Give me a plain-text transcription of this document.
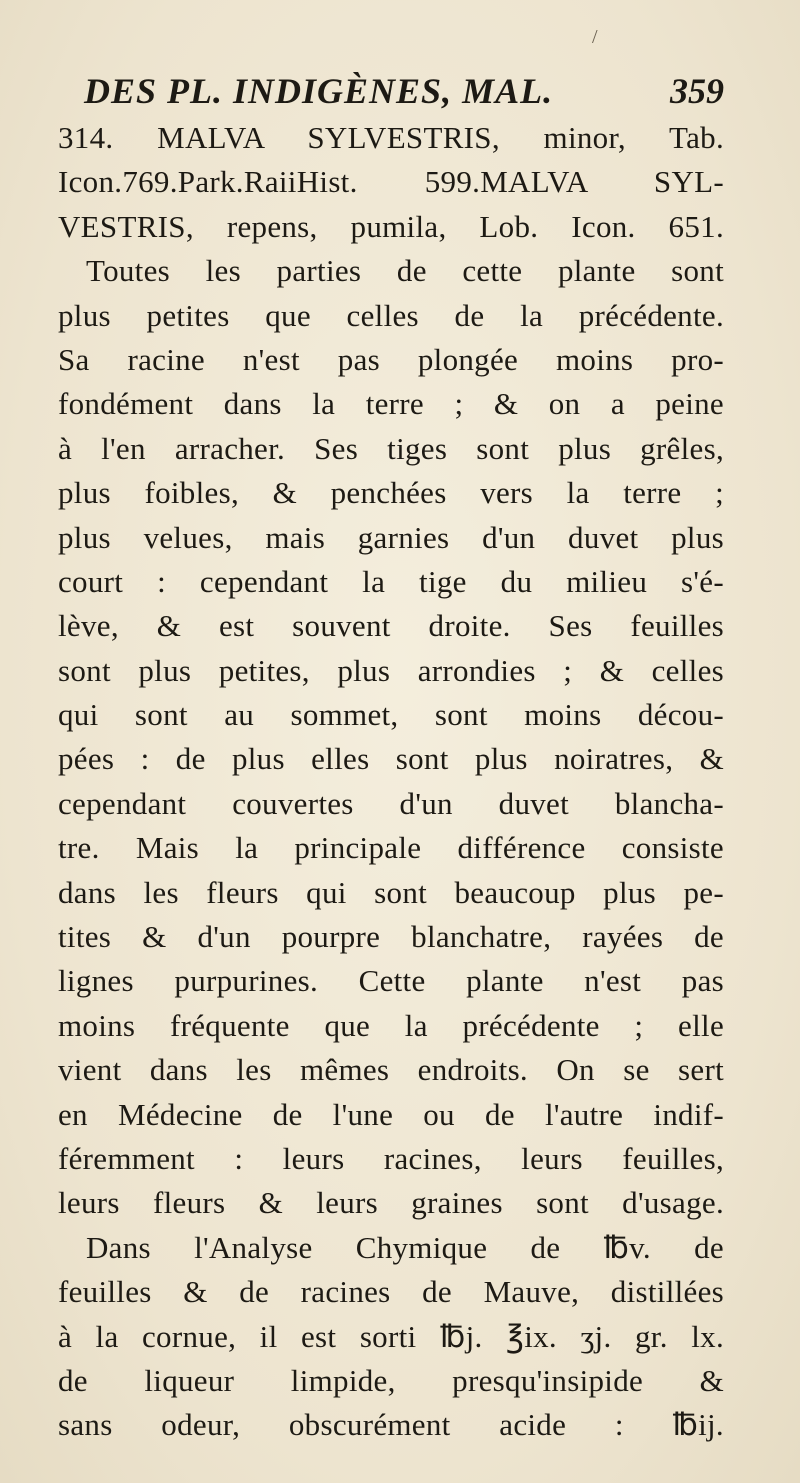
/
DES PL. INDIGÈNES, MAL.	359
314. MALVA SYLVESTRIS, minor, Tab.
Icon.769.Park.RaiiHist. 599.MALVA SYL-
VESTRIS, repens, pumila, Lob. Icon. 651.
Toutes les parties de cette plante sont
plus petites que celles de la précédente.
Sa racine n'est pas plongée moins pro-
fondément dans la terre ; & on a peine
à l'en arracher. Ses tiges sont plus grêles,
plus foibles, & penchées vers la terre ;
plus velues, mais garnies d'un duvet plus
court : cependant la tige du milieu s'é-
lève, & est souvent droite. Ses feuilles
sont plus petites, plus arrondies ; & celles
qui sont au sommet, sont moins décou-
pées : de plus elles sont plus noiratres, &
cependant couvertes d'un duvet blancha-
tre. Mais la principale différence consiste
dans les fleurs qui sont beaucoup plus pe-
tites & d'un pourpre blanchatre, rayées de
lignes purpurines. Cette plante n'est pas
moins fréquente que la précédente ; elle
vient dans les mêmes endroits. On se sert
en Médecine de l'une ou de l'autre indif-
féremment : leurs racines, leurs feuilles,
leurs fleurs & leurs graines sont d'usage.
Dans l'Analyse Chymique de ℔v. de
feuilles & de racines de Mauve, distillées
à la cornue, il est sorti ℔j. ℥ix. ʒj. gr. lx.
de liqueur limpide, presqu'insipide &
sans odeur, obscurément acide : ℔ij.
